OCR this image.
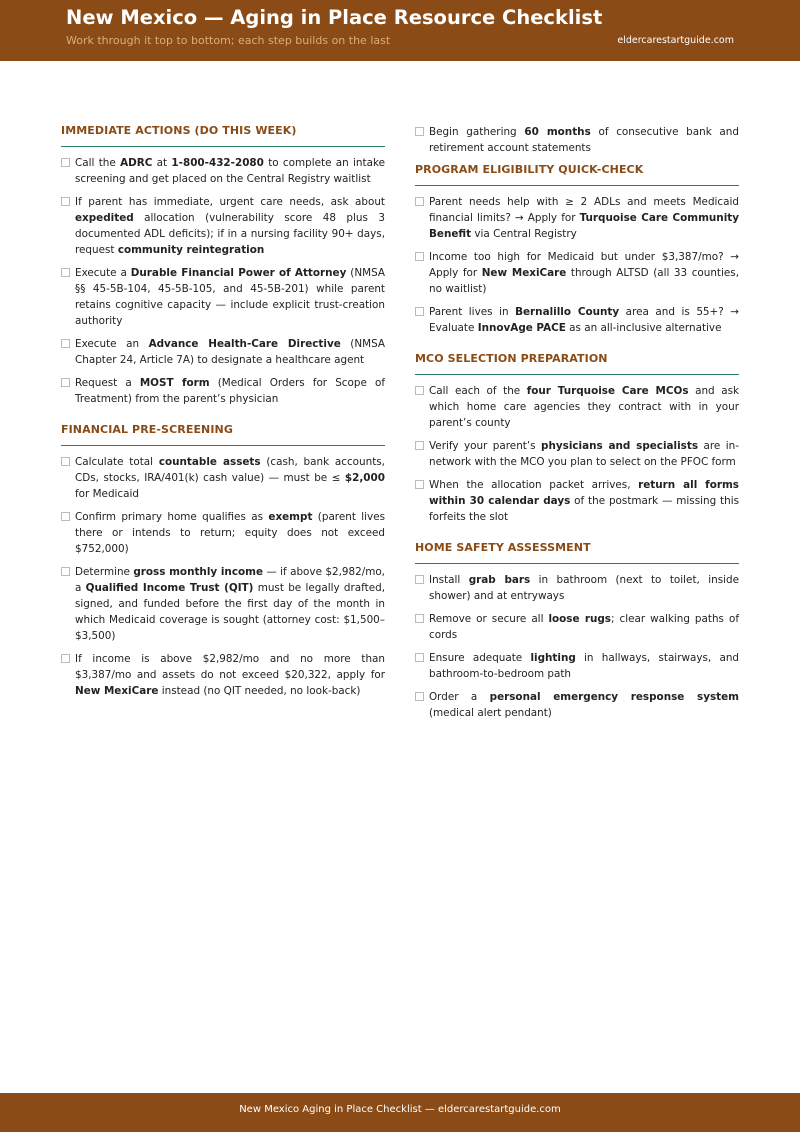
New Mexico — Aging in Place Resource Checklist
Work through it top to bottom; each step builds on the last	eldercarestartguide.com
IMMEDIATE ACTIONS (DO THIS WEEK)
Call the ADRC at 1-800-432-2080 to complete an intake screening and get placed on the Central Registry waitlist
If parent has immediate, urgent care needs, ask about expedited allocation (vulnerability score 48 plus 3 documented ADL deficits); if in a nursing facility 90+ days, request community reintegration
Execute a Durable Financial Power of Attorney (NMSA §§ 45-5B-104, 45-5B-105, and 45-5B-201) while parent retains cognitive capacity — include explicit trust-creation authority
Execute an Advance Health-Care Directive (NMSA Chapter 24, Article 7A) to designate a healthcare agent
Request a MOST form (Medical Orders for Scope of Treatment) from the parent’s physician
FINANCIAL PRE-SCREENING
Calculate total countable assets (cash, bank accounts, CDs, stocks, IRA/401(k) cash value) — must be ≤ $2,000 for Medicaid
Confirm primary home qualifies as exempt (parent lives there or intends to return; equity does not exceed $752,000)
Determine gross monthly income — if above $2,982/mo, a Qualified Income Trust (QIT) must be legally drafted, signed, and funded before the first day of the month in which Medicaid coverage is sought (attorney cost: $1,500–$3,500)
If income is above $2,982/mo and no more than $3,387/mo and assets do not exceed $20,322, apply for New MexiCare instead (no QIT needed, no look-back)
Begin gathering 60 months of consecutive bank and retirement account statements
PROGRAM ELIGIBILITY QUICK-CHECK
Parent needs help with ≥ 2 ADLs and meets Medicaid financial limits? → Apply for Turquoise Care Community Benefit via Central Registry
Income too high for Medicaid but under $3,387/mo? → Apply for New MexiCare through ALTSD (all 33 counties, no waitlist)
Parent lives in Bernalillo County area and is 55+? → Evaluate InnovAge PACE as an all-inclusive alternative
MCO SELECTION PREPARATION
Call each of the four Turquoise Care MCOs and ask which home care agencies they contract with in your parent’s county
Verify your parent’s physicians and specialists are in-network with the MCO you plan to select on the PFOC form
When the allocation packet arrives, return all forms within 30 calendar days of the postmark — missing this forfeits the slot
HOME SAFETY ASSESSMENT
Install grab bars in bathroom (next to toilet, inside shower) and at entryways
Remove or secure all loose rugs; clear walking paths of cords
Ensure adequate lighting in hallways, stairways, and bathroom-to-bedroom path
Order a personal emergency response system (medical alert pendant)
New Mexico Aging in Place Checklist — eldercarestartguide.com
